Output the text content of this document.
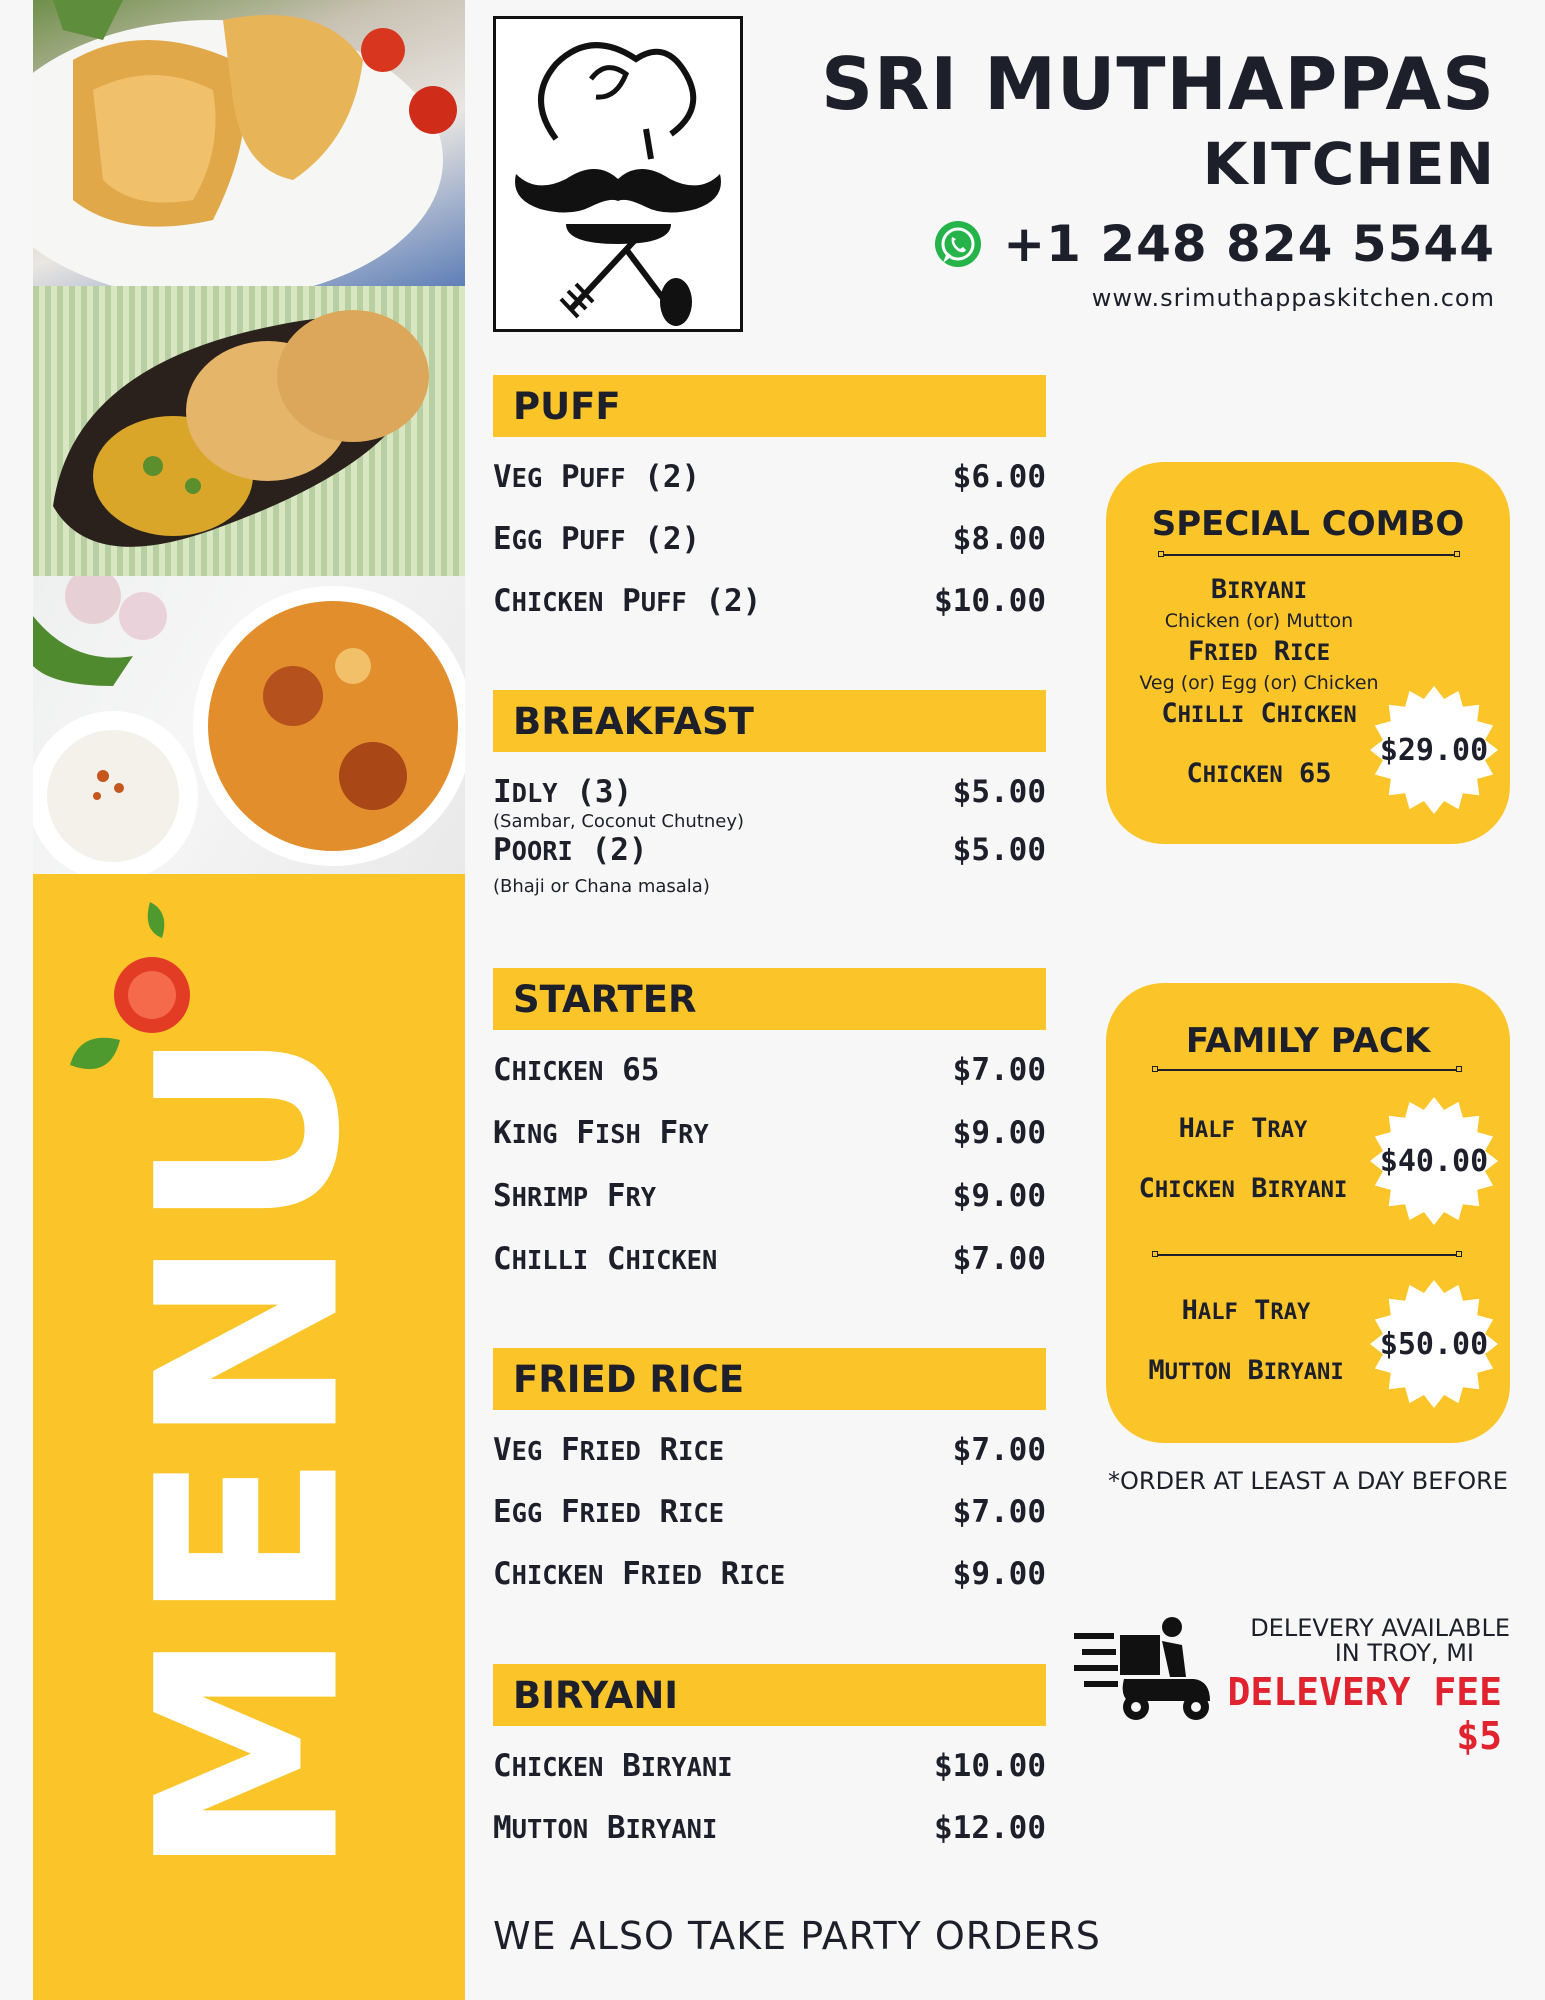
MENU
SRI MUTHAPPAS
KITCHEN
+1 248 824 5544
www.srimuthappaskitchen.com
PUFF
VEG PUFF (2)	$6.00
EGG PUFF (2)	$8.00
CHICKEN PUFF (2)	$10.00
BREAKFAST
IDLY (3)	$5.00
(Sambar, Coconut Chutney)
POORI (2)	$5.00
(Bhaji or Chana masala)
STARTER
CHICKEN 65	$7.00
KING FISH FRY	$9.00
SHRIMP FRY	$9.00
CHILLI CHICKEN	$7.00
FRIED RICE
VEG FRIED RICE	$7.00
EGG FRIED RICE	$7.00
CHICKEN FRIED RICE	$9.00
BIRYANI
CHICKEN BIRYANI	$10.00
MUTTON BIRYANI	$12.00
SPECIAL COMBO
BIRYANI
Chicken (or) Mutton
FRIED RICE
Veg (or) Egg (or) Chicken
CHILLI CHICKEN
CHICKEN 65
$29.00
FAMILY PACK
HALF TRAY
CHICKEN BIRYANI
$40.00
HALF TRAY
MUTTON BIRYANI
$50.00
*ORDER AT LEAST A DAY BEFORE
DELEVERY AVAILABLE
IN TROY, MI
DELEVERY FEE $5
WE ALSO TAKE PARTY ORDERS
